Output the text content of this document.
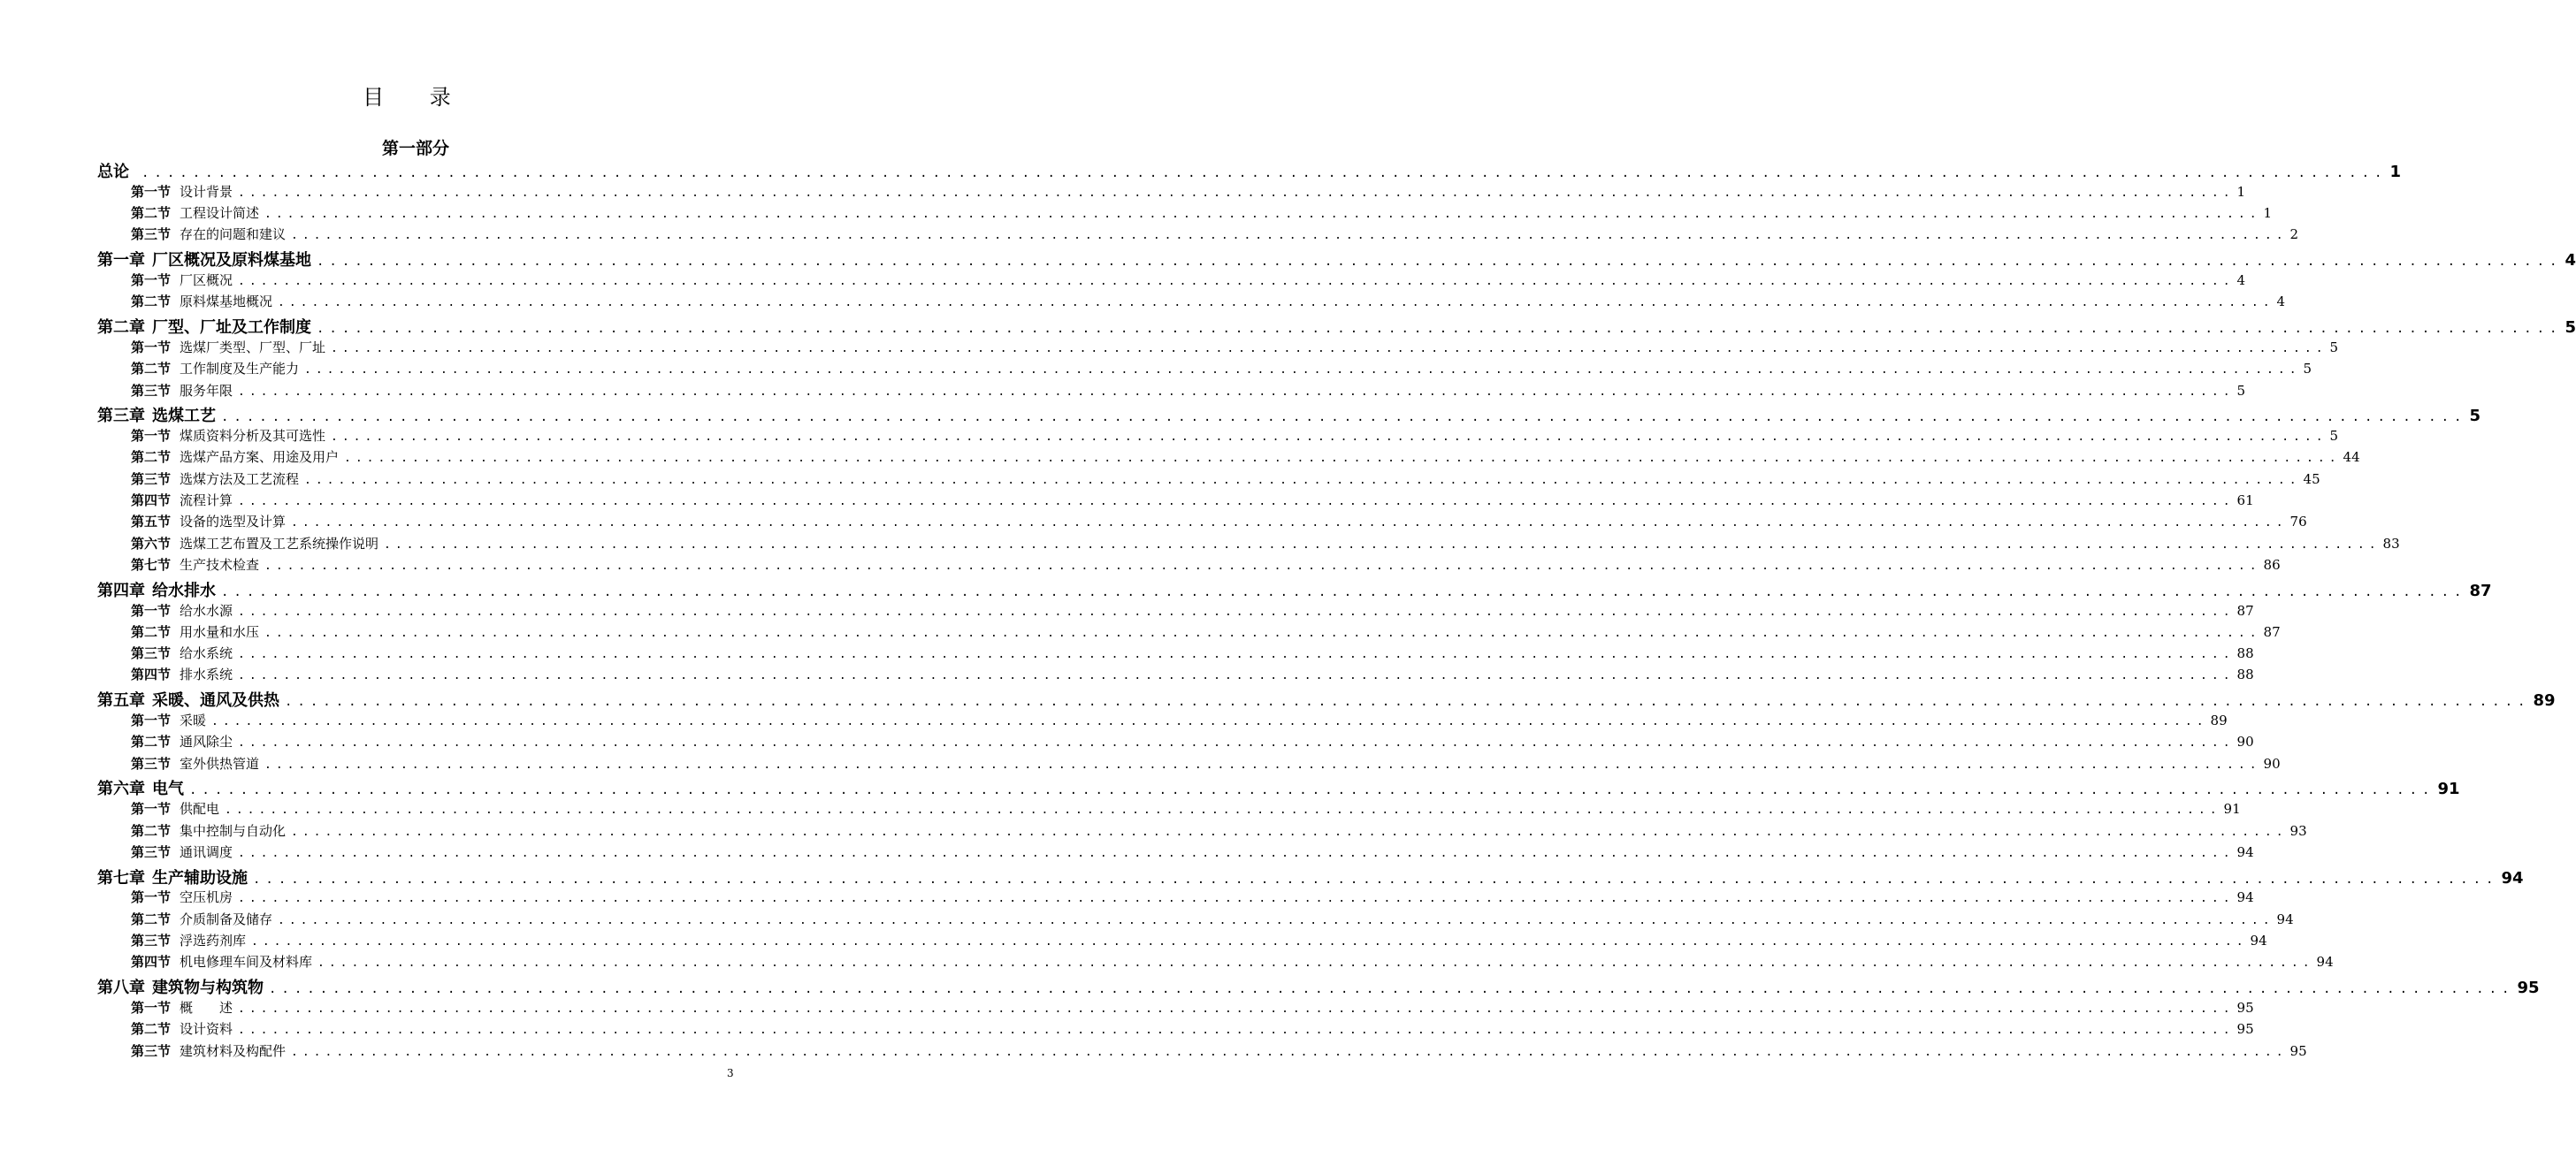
目 录
第一部分
总论 ................................................................................................................................................................................ 1
第一节 设计背景 ................................................................................................................................................................................ 1
第二节 工程设计简述 ................................................................................................................................................................................ 1
第三节 存在的问题和建议 ................................................................................................................................................................................ 2
第一章 厂区概况及原料煤基地 ................................................................................................................................................................................ 4
第一节 厂区概况 ................................................................................................................................................................................ 4
第二节 原料煤基地概况 ................................................................................................................................................................................ 4
第二章 厂型、厂址及工作制度 ................................................................................................................................................................................ 5
第一节 选煤厂类型、厂型、厂址 ................................................................................................................................................................................ 5
第二节 工作制度及生产能力 ................................................................................................................................................................................ 5
第三节 服务年限 ................................................................................................................................................................................ 5
第三章 选煤工艺 ................................................................................................................................................................................ 5
第一节 煤质资料分析及其可选性 ................................................................................................................................................................................ 5
第二节 选煤产品方案、用途及用户 ................................................................................................................................................................................ 44
第三节 选煤方法及工艺流程 ................................................................................................................................................................................ 45
第四节 流程计算 ................................................................................................................................................................................ 61
第五节 设备的选型及计算 ................................................................................................................................................................................ 76
第六节 选煤工艺布置及工艺系统操作说明 ................................................................................................................................................................................ 83
第七节 生产技术检查 ................................................................................................................................................................................ 86
第四章 给水排水 ................................................................................................................................................................................ 87
第一节 给水水源 ................................................................................................................................................................................ 87
第二节 用水量和水压 ................................................................................................................................................................................ 87
第三节 给水系统 ................................................................................................................................................................................ 88
第四节 排水系统 ................................................................................................................................................................................ 88
第五章 采暖、通风及供热 ................................................................................................................................................................................ 89
第一节 采暖 ................................................................................................................................................................................ 89
第二节 通风除尘 ................................................................................................................................................................................ 90
第三节 室外供热管道 ................................................................................................................................................................................ 90
第六章 电气 ................................................................................................................................................................................ 91
第一节 供配电 ................................................................................................................................................................................ 91
第二节 集中控制与自动化 ................................................................................................................................................................................ 93
第三节 通讯调度 ................................................................................................................................................................................ 94
第七章 生产辅助设施 ................................................................................................................................................................................ 94
第一节 空压机房 ................................................................................................................................................................................ 94
第二节 介质制备及储存 ................................................................................................................................................................................ 94
第三节 浮选药剂库 ................................................................................................................................................................................ 94
第四节 机电修理车间及材料库 ................................................................................................................................................................................ 94
第八章 建筑物与构筑物 ................................................................................................................................................................................ 95
第一节 概　　述 ................................................................................................................................................................................ 95
第二节 设计资料 ................................................................................................................................................................................ 95
第三节 建筑材料及构配件 ................................................................................................................................................................................ 95
3
